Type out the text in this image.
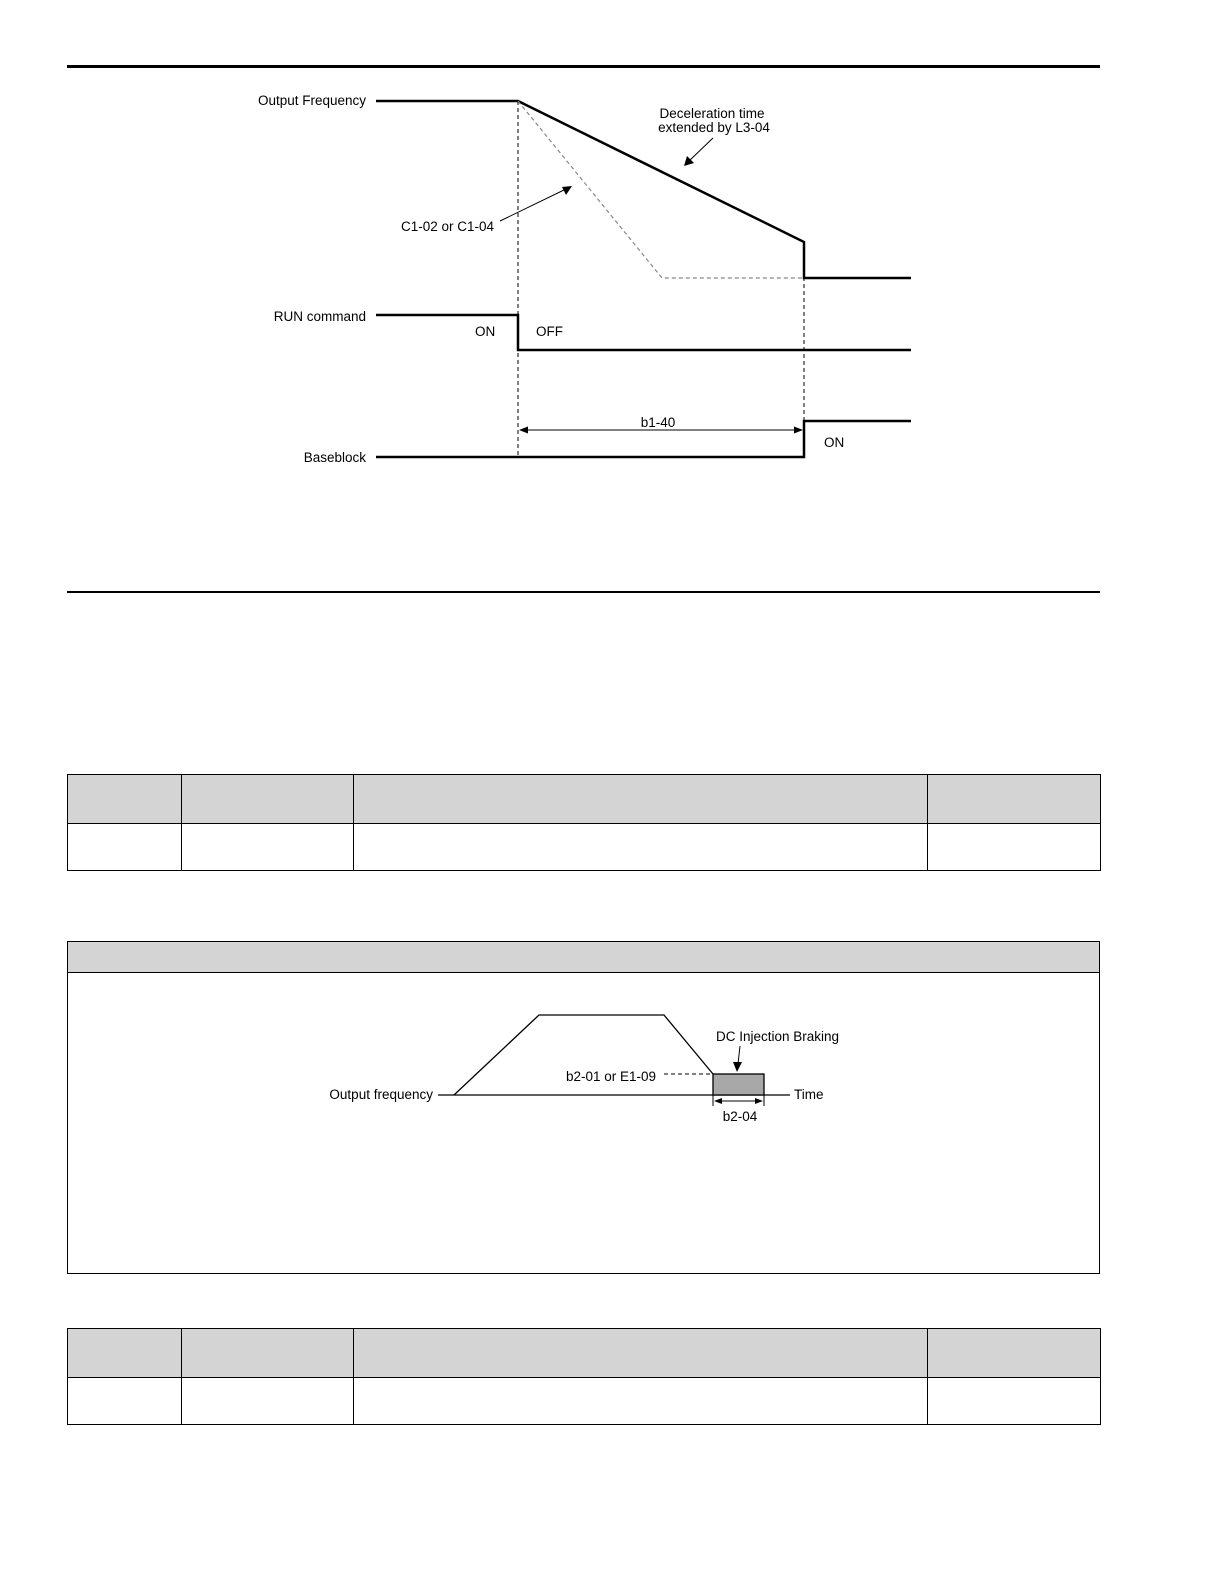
Output Frequency
RUN command
Baseblock
ON	OFF
b1-40
ON
C1-02 or C1-04
Deceleration time
extended by L3-04

Output frequency	Time
DC Injection Braking
b2-01 or E1-09
b2-04
